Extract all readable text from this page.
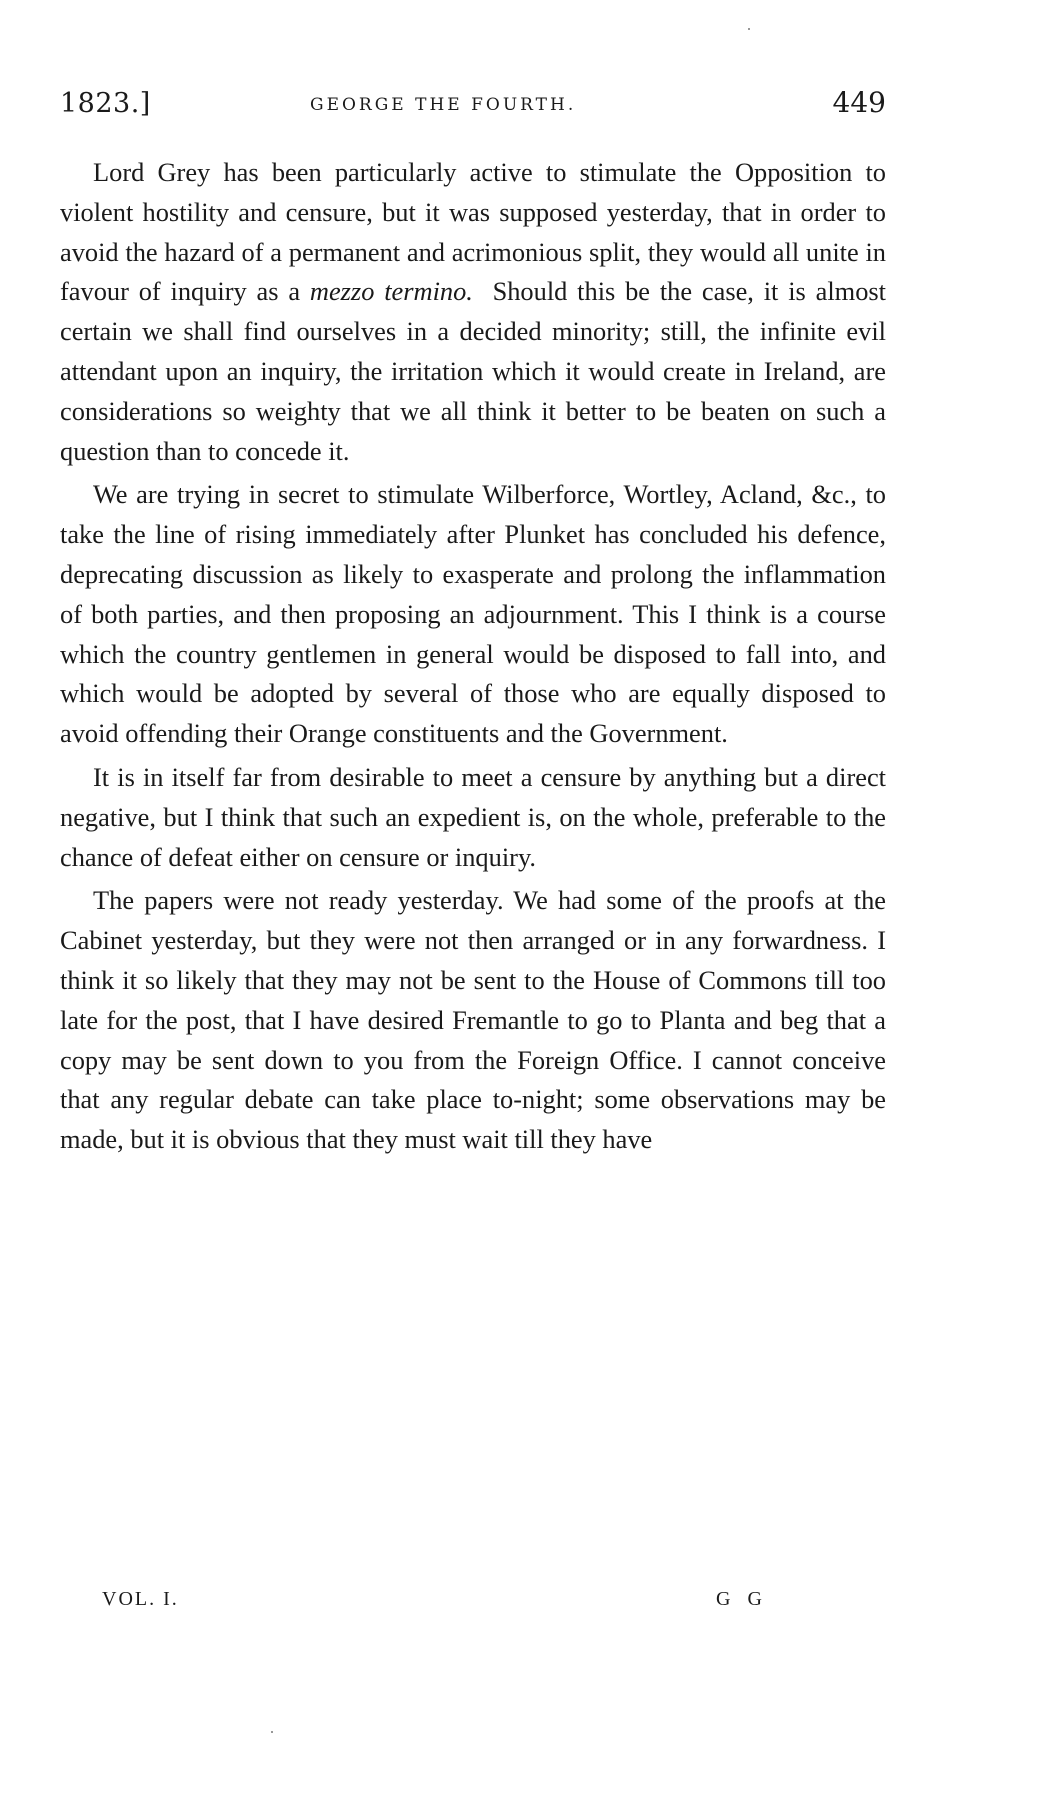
1823.]	GEORGE THE FOURTH.	449

Lord Grey has been particularly active to stimulate the Opposition to violent hostility and censure, but it was supposed yesterday, that in order to avoid the hazard of a permanent and acrimonious split, they would all unite in favour of inquiry as a mezzo termino. Should this be the case, it is almost certain we shall find ourselves in a decided minority; still, the infinite evil attendant upon an inquiry, the irritation which it would create in Ireland, are considerations so weighty that we all think it better to be beaten on such a question than to concede it.

We are trying in secret to stimulate Wilberforce, Wortley, Acland, &c., to take the line of rising immediately after Plunket has concluded his defence, deprecating discussion as likely to exasperate and prolong the inflammation of both parties, and then proposing an adjournment. This I think is a course which the country gentlemen in general would be disposed to fall into, and which would be adopted by several of those who are equally disposed to avoid offending their Orange constituents and the Government.

It is in itself far from desirable to meet a censure by anything but a direct negative, but I think that such an expedient is, on the whole, preferable to the chance of defeat either on censure or inquiry.

The papers were not ready yesterday. We had some of the proofs at the Cabinet yesterday, but they were not then arranged or in any forwardness. I think it so likely that they may not be sent to the House of Commons till too late for the post, that I have desired Fremantle to go to Planta and beg that a copy may be sent down to you from the Foreign Office. I cannot conceive that any regular debate can take place to-night; some observations may be made, but it is obvious that they must wait till they have

VOL. I.	G G
